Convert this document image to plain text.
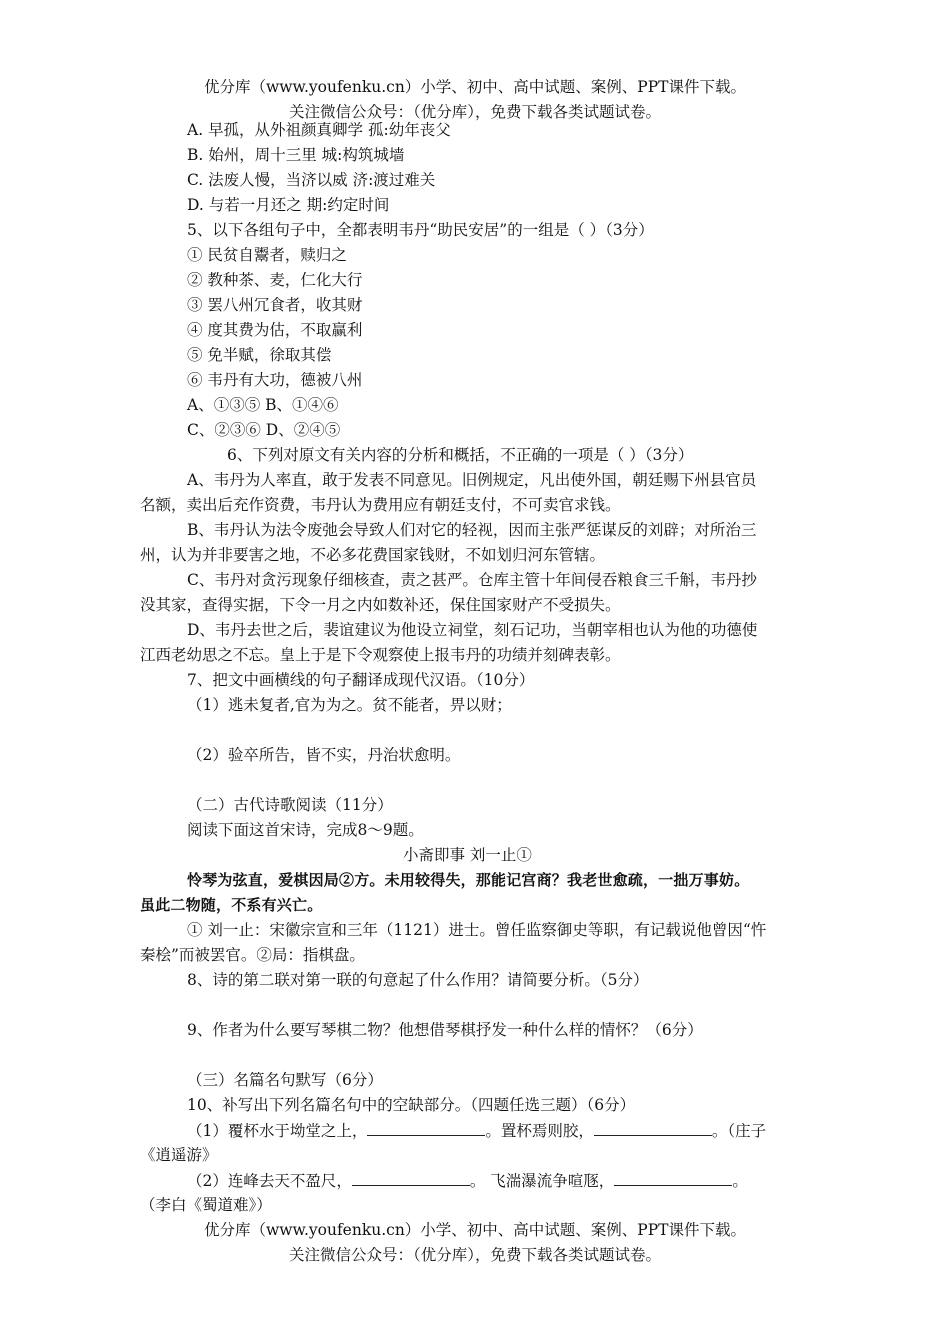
优分库（www.youfenku.cn）小学、初中、高中试题、案例、PPT课件下载。
关注微信公众号：（优分库），免费下载各类试题试卷。
A. 早孤，从外祖颜真卿学 孤:幼年丧父
B. 始州，周十三里 城:构筑城墙
C. 法废人慢，当济以威 济:渡过难关
D. 与若一月还之 期:约定时间
5、以下各组句子中，全都表明韦丹“助民安居”的一组是（ ）（3分）
① 民贫自鬻者，赎归之
② 教种茶、麦，仁化大行
③ 罢八州冗食者，收其财
④ 度其费为估，不取赢利
⑤ 免半赋，徐取其偿
⑥ 韦丹有大功，德被八州
A、①③⑤ B、①④⑥
C、②③⑥ D、②④⑤
6、下列对原文有关内容的分析和概括，不正确的一项是（ ）（3分）
A、韦丹为人率直，敢于发表不同意见。旧例规定，凡出使外国，朝廷赐下州县官员
名额，卖出后充作资费，韦丹认为费用应有朝廷支付，不可卖官求钱。
B、韦丹认为法令废弛会导致人们对它的轻视，因而主张严惩谋反的刘辟；对所治三
州，认为并非要害之地，不必多花费国家钱财，不如划归河东管辖。
C、韦丹对贪污现象仔细核查，责之甚严。仓库主管十年间侵吞粮食三千斛，韦丹抄
没其家，查得实据，下令一月之内如数补还，保住国家财产不受损失。
D、韦丹去世之后，裴谊建议为他设立祠堂，刻石记功，当朝宰相也认为他的功德使
江西老幼思之不忘。皇上于是下令观察使上报韦丹的功绩并刻碑表彰。
7、把文中画横线的句子翻译成现代汉语。（10分）
（1）逃未复者,官为为之。贫不能者，畀以财；
（2）验卒所告，皆不实，丹治状愈明。
（二）古代诗歌阅读（11分）
阅读下面这首宋诗，完成8～9题。
小斋即事 刘一止①
怜琴为弦直，爱棋因局②方。未用较得失，那能记宫商？我老世愈疏，一拙万事妨。
虽此二物随，不系有兴亡。
① 刘一止：宋徽宗宣和三年（1121）进士。曾任监察御史等职，有记载说他曾因“忤
秦桧”而被罢官。②局：指棋盘。
8、诗的第二联对第一联的句意起了什么作用？请简要分析。（5分）
9、作者为什么要写琴棋二物？他想借琴棋抒发一种什么样的情怀？（6分）
（三）名篇名句默写（6分）
10、补写出下列名篇名句中的空缺部分。（四题任选三题）（6分）
（1）覆杯水于坳堂之上，	。置杯焉则胶，	。（庄子
《逍遥游》
（2）连峰去天不盈尺，	。 飞湍瀑流争喧豗，	。
（李白《蜀道难》）
优分库（www.youfenku.cn）小学、初中、高中试题、案例、PPT课件下载。
关注微信公众号：（优分库），免费下载各类试题试卷。
